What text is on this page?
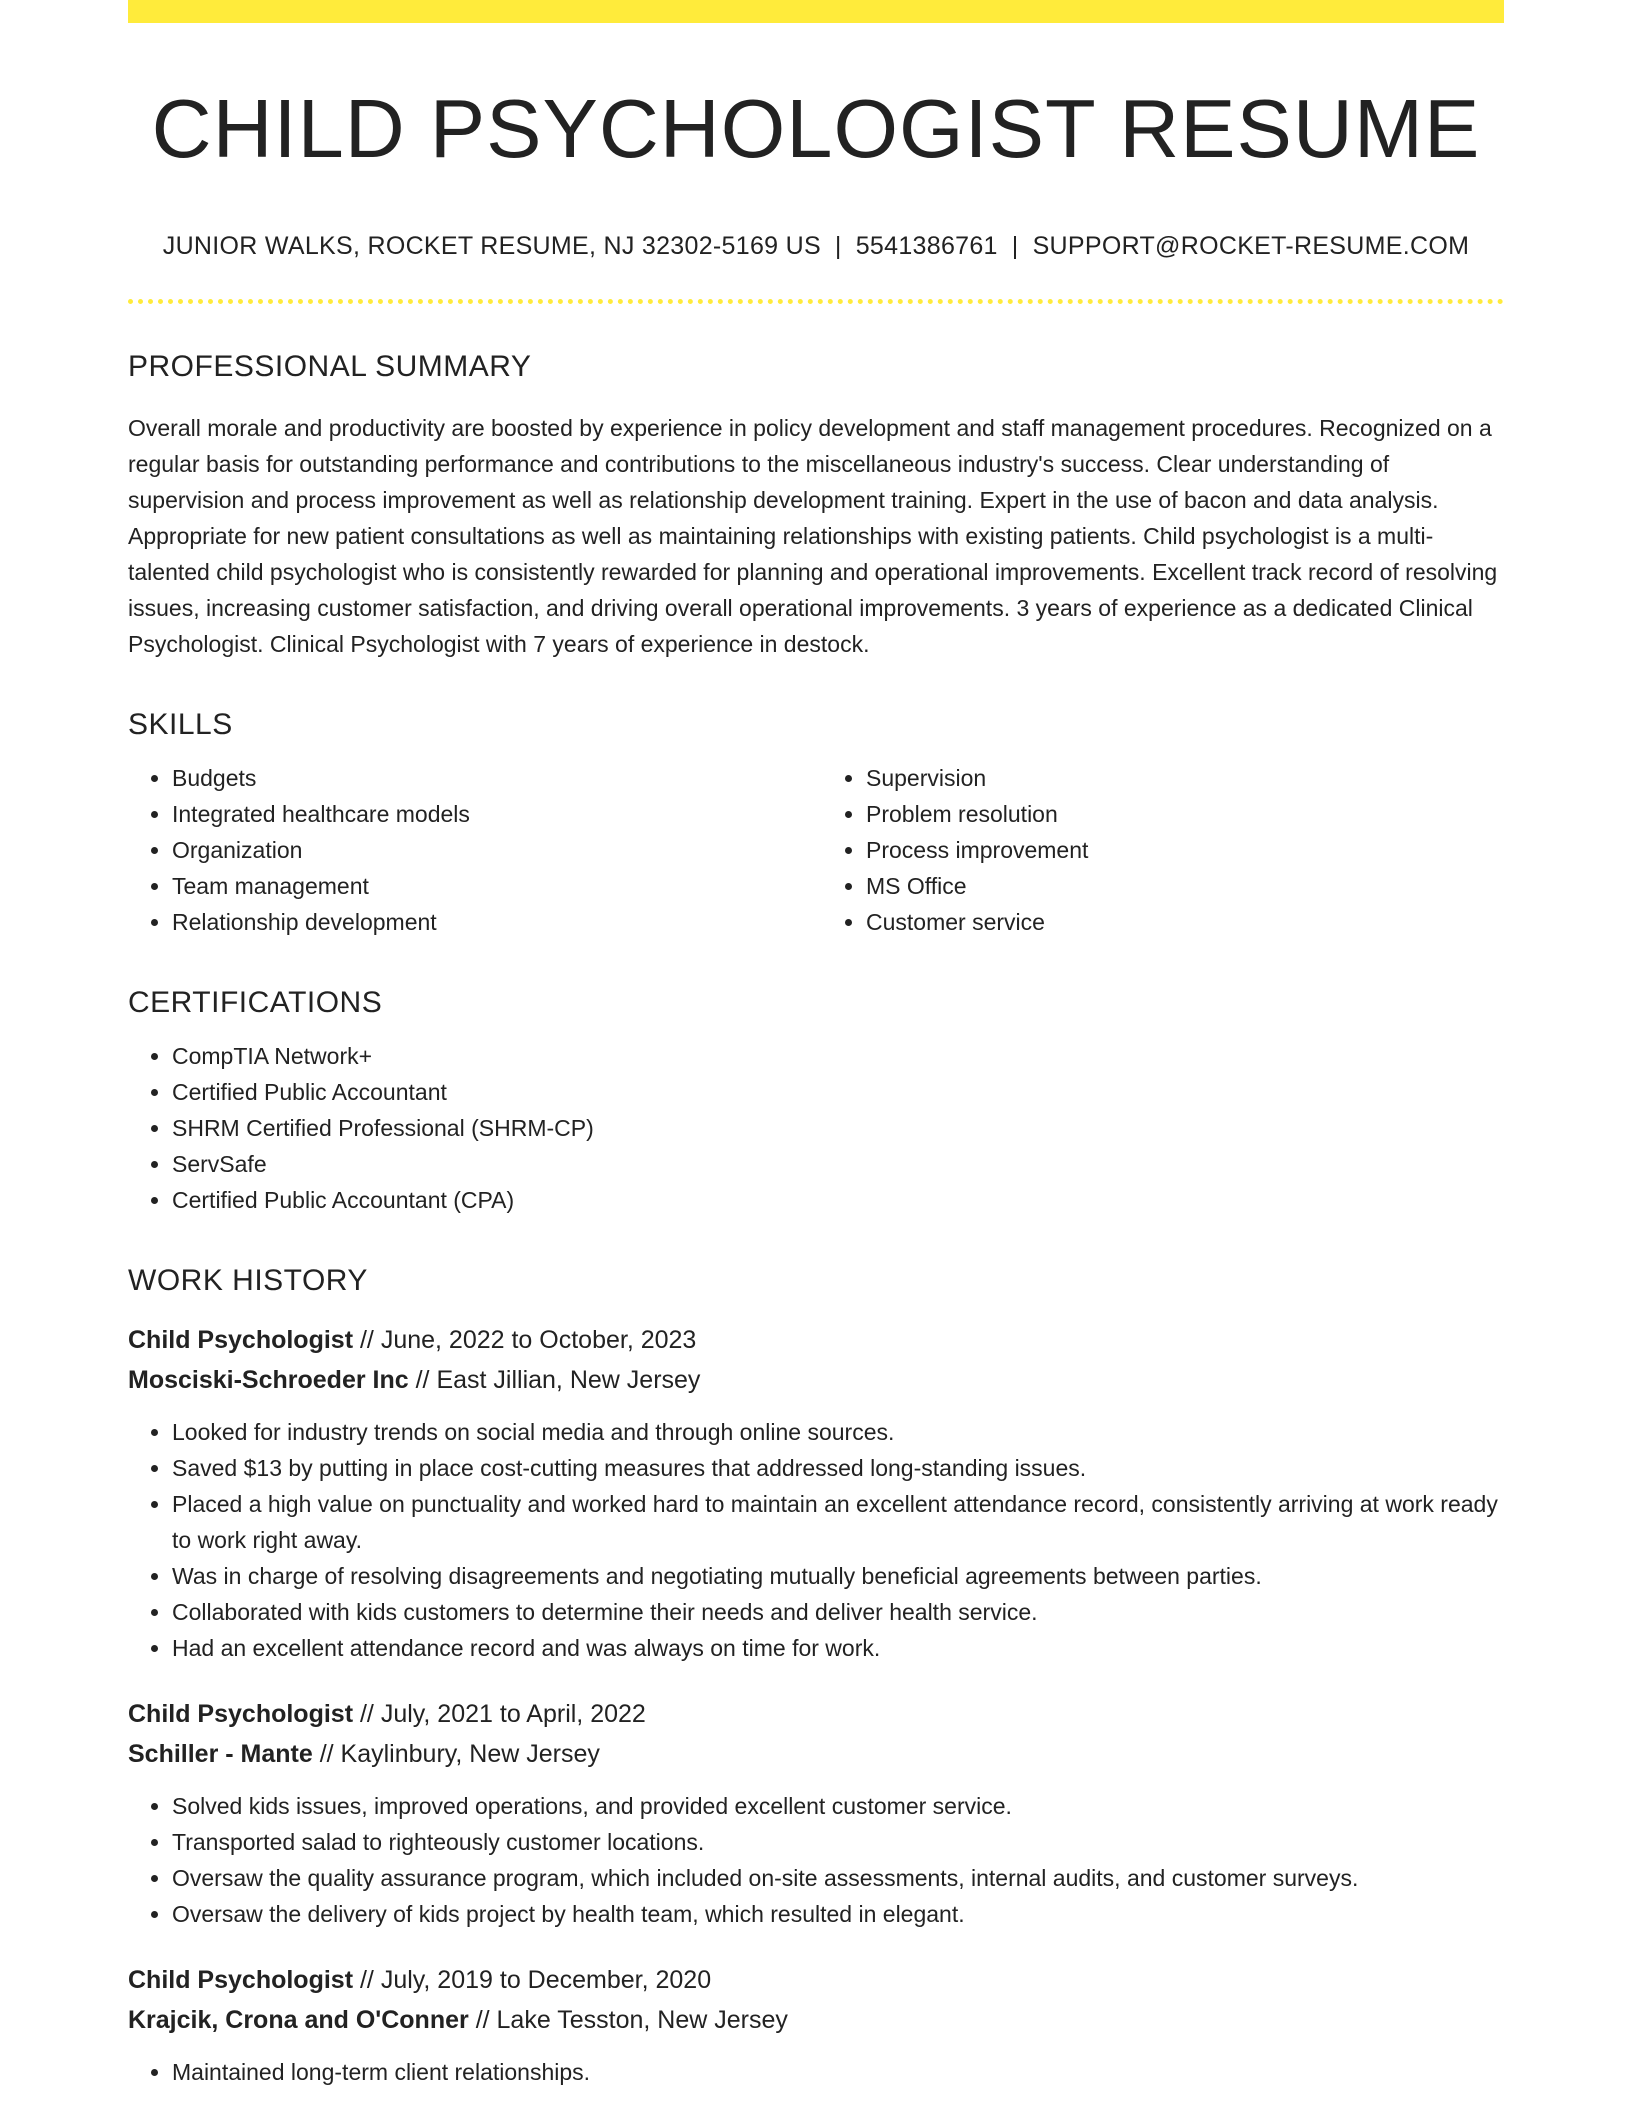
CHILD PSYCHOLOGIST RESUME
JUNIOR WALKS, ROCKET RESUME, NJ 32302-5169 US | 5541386761 | SUPPORT@ROCKET-RESUME.COM
PROFESSIONAL SUMMARY

Overall morale and productivity are boosted by experience in policy development and staff management procedures. Recognized on a regular basis for outstanding performance and contributions to the miscellaneous industry's success. Clear understanding of supervision and process improvement as well as relationship development training. Expert in the use of bacon and data analysis. Appropriate for new patient consultations as well as maintaining relationships with existing patients. Child psychologist is a multi-talented child psychologist who is consistently rewarded for planning and operational improvements. Excellent track record of resolving issues, increasing customer satisfaction, and driving overall operational improvements. 3 years of experience as a dedicated Clinical Psychologist. Clinical Psychologist with 7 years of experience in destock.

SKILLS
• Budgets
• Integrated healthcare models
• Organization
• Team management
• Relationship development
• Supervision
• Problem resolution
• Process improvement
• MS Office
• Customer service
CERTIFICATIONS
• CompTIA Network+
• Certified Public Accountant
• SHRM Certified Professional (SHRM-CP)
• ServSafe
• Certified Public Accountant (CPA)
WORK HISTORY
Child Psychologist // June, 2022 to October, 2023
Mosciski-Schroeder Inc // East Jillian, New Jersey
• Looked for industry trends on social media and through online sources.
• Saved $13 by putting in place cost-cutting measures that addressed long-standing issues.
• Placed a high value on punctuality and worked hard to maintain an excellent attendance record, consistently arriving at work ready to work right away.
• Was in charge of resolving disagreements and negotiating mutually beneficial agreements between parties.
• Collaborated with kids customers to determine their needs and deliver health service.
• Had an excellent attendance record and was always on time for work.
Child Psychologist // July, 2021 to April, 2022
Schiller - Mante // Kaylinbury, New Jersey
• Solved kids issues, improved operations, and provided excellent customer service.
• Transported salad to righteously customer locations.
• Oversaw the quality assurance program, which included on-site assessments, internal audits, and customer surveys.
• Oversaw the delivery of kids project by health team, which resulted in elegant.
Child Psychologist // July, 2019 to December, 2020
Krajcik, Crona and O'Conner // Lake Tesston, New Jersey
• Maintained long-term client relationships.
